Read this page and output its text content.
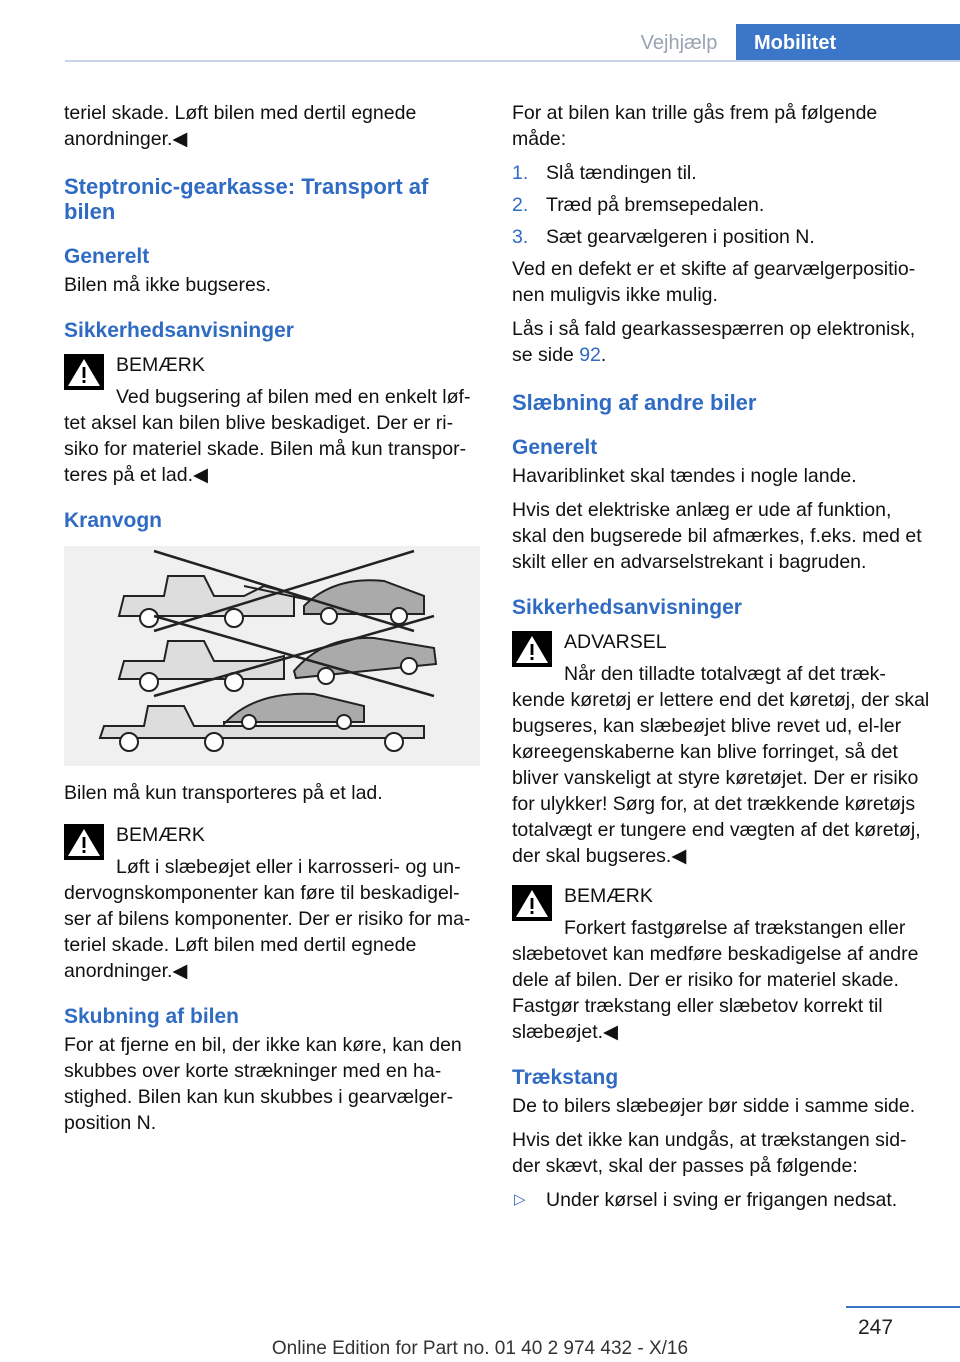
Vejhjælp	Mobilitet

teriel skade. Løft bilen med dertil egnede anordninger.◀

Steptronic-gearkasse: Transport af bilen
Generelt

Bilen må ikke bugseres.

Sikkerhedsanvisninger

BEMÆRK

Ved bugsering af bilen med en enkelt løf-

tet aksel kan bilen blive beskadiget. Der er ri-siko for materiel skade. Bilen må kun transpor-teres på et lad.◀

Kranvogn

Bilen må kun transporteres på et lad.

BEMÆRK

Løft i slæbeøjet eller i karrosseri- og un-

dervognskomponenter kan føre til beskadigel-ser af bilens komponenter. Der er risiko for ma-teriel skade. Løft bilen med dertil egnede anordninger.◀

Skubning af bilen

For at fjerne en bil, der ikke kan køre, kan den skubbes over korte strækninger med en ha-stighed. Bilen kan kun skubbes i gearvælger-position N.

For at bilen kan trille gås frem på følgende måde:

1. Slå tændingen til.
2. Træd på bremsepedalen.
3. Sæt gearvælgeren i position N.

Ved en defekt er et skifte af gearvælgerpositio-nen muligvis ikke mulig.

Lås i så fald gearkassespærren op elektronisk, se side 92.

Slæbning af andre biler
Generelt

Havariblinket skal tændes i nogle lande.

Hvis det elektriske anlæg er ude af funktion, skal den bugserede bil afmærkes, f.eks. med et skilt eller en advarselstrekant i bagruden.

Sikkerhedsanvisninger

ADVARSEL

Når den tilladte totalvægt af det træk-

kende køretøj er lettere end det køretøj, der skal bugseres, kan slæbeøjet blive revet ud, el-ler køreegenskaberne kan blive forringet, så det bliver vanskeligt at styre køretøjet. Der er risiko for ulykker! Sørg for, at det trækkende køretøjs totalvægt er tungere end vægten af det køretøj, der skal bugseres.◀

BEMÆRK

Forkert fastgørelse af trækstangen eller

slæbetovet kan medføre beskadigelse af andre dele af bilen. Der er risiko for materiel skade. Fastgør trækstang eller slæbetov korrekt til slæbeøjet.◀

Trækstang

De to bilers slæbeøjer bør sidde i samme side.

Hvis det ikke kan undgås, at trækstangen sid-der skævt, skal der passes på følgende:

▷ Under kørsel i sving er frigangen nedsat.
247
Online Edition for Part no. 01 40 2 974 432 - X/16
